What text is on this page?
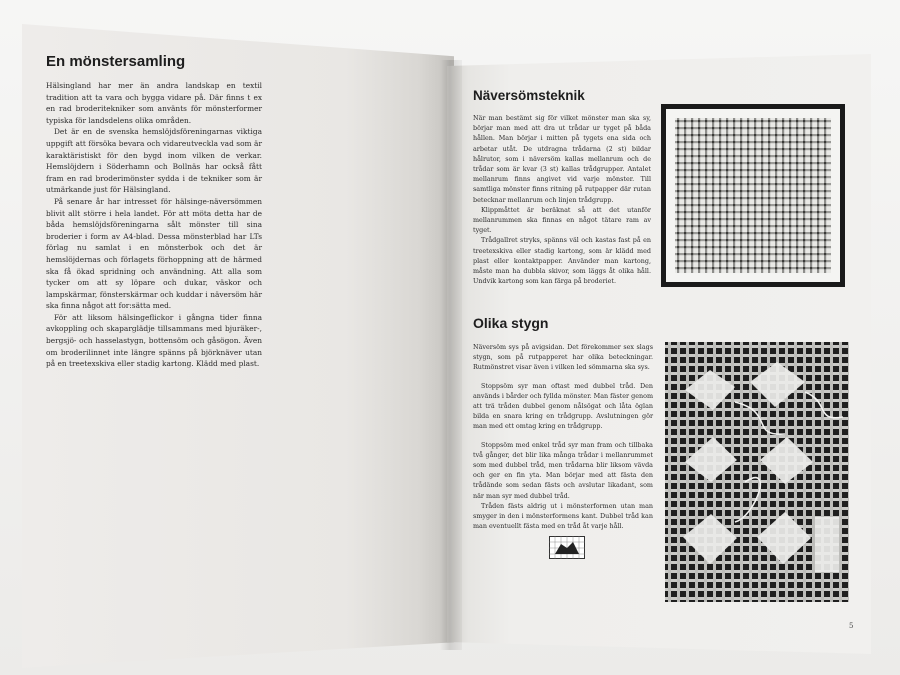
En mönstersamling

Hälsingland har mer än andra landskap en textil tradition att ta vara och bygga vidare på. Där finns t ex en rad broderitekniker som använts för mönsterformer typiska för landsdelens olika områden.

Det är en de svenska hemslöjdsföreningarnas viktiga uppgift att försöka bevara och vidareutveckla vad som är karaktäristiskt för den bygd inom vilken de verkar. Hemslöjdern i Söderhamn och Bollnäs har också fått fram en rad broderimönster sydda i de tekniker som är utmärkande just för Hälsingland.

På senare år har intresset för hälsinge-näversömmen blivit allt större i hela landet. För att möta detta har de båda hemslöjdsföreningarna sålt mönster till sina broderier i form av A4-blad. Dessa mönsterblad har LTs förlag nu samlat i en mönsterbok och det är hemslöjdernas och förlagets förhoppning att de härmed ska få ökad spridning och användning. Att alla som tycker om att sy löpare och dukar, väskor och lampskärmar, fönsterskärmar och kuddar i näversöm här ska finna något att for:sätta med.

För att liksom hälsingeflickor i gångna tider finna avkoppling och skaparglädje tillsammans med bjuräker-, bergsjö- och hasselastygn, bottensöm och gåsögon. Även om broderilinnet inte längre spänns på björknäver utan på en treetexskiva eller stadig kartong. Klädd med plast.

Näversömsteknik

När man bestämt sig för vilket mönster man ska sy, börjar man med att dra ut trådar ur tyget på båda hållen. Man börjar i mitten på tygets ena sida och arbetar utåt. De utdragna trådarna (2 st) bildar hålrutor, som i näversöm kallas mellanrum och de trådar som är kvar (3 st) kallas trådgrupper. Antalet mellanrum finns angivet vid varje mönster. Till samtliga mönster finns ritning på rutpapper där rutan betecknar mellanrum och linjen trådgrupp.

Klippmåttet är beräknat så att det utanför mellanrummen ska finnas en något tätare ram av tyget.

Trådgallret stryks, spänns väl och kastas fast på en treetexskiva eller stadig kartong, som är klädd med plast eller kontaktpapper. Använder man kartong, måste man ha dubbla skivor, som läggs åt olika håll. Undvik kartong som kan färga på broderiet.

Olika stygn

Näversöm sys på avigsidan. Det förekommer sex slags stygn, som på rutpapperet har olika beteckningar. Rutmönstret visar även i vilken led sömmarna ska sys.

Stoppsöm syr man oftast med dubbel tråd. Den används i bårder och fyllda mönster. Man fäster genom att trä tråden dubbel genom nålsögat och låta öglan bilda en snara kring en trådgrupp. Avslutningen gör man med ett omtag kring en trådgrupp.

Stoppsöm med enkel tråd syr man fram och tillbaka två gånger, det blir lika många trådar i mellanrummet som med dubbel tråd, men trådarna blir liksom vävda och ger en fin yta. Man börjar med att fästa den trådände som sedan fästs och avslutar likadant, som när man syr med dubbel tråd.

Tråden fästs aldrig ut i mönsterformen utan man smyger in den i mönsterformens kant. Dubbel tråd kan man eventuellt fästa med en tråd åt varje håll.

5
